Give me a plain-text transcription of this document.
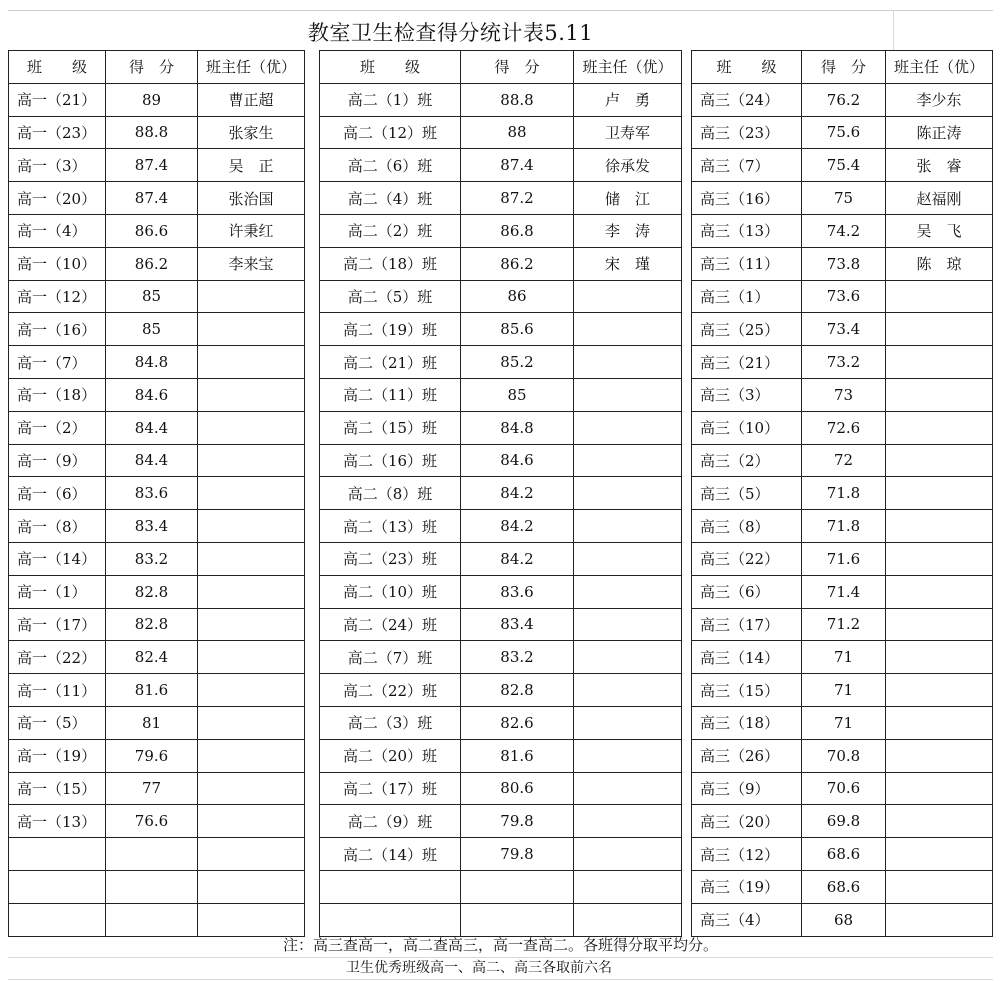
教室卫生检查得分统计表5.11
班　　级	得　分	班主任（优）
高一（21）	89	曹正超
高一（23）	88.8	张家生
高一（3）	87.4	吴　正
高一（20）	87.4	张治国
高一（4）	86.6	许秉红
高一（10）	86.2	李来宝
高一（12）	85	
高一（16）	85	
高一（7）	84.8	
高一（18）	84.6	
高一（2）	84.4	
高一（9）	84.4	
高一（6）	83.6	
高一（8）	83.4	
高一（14）	83.2	
高一（1）	82.8	
高一（17）	82.8	
高一（22）	82.4	
高一（11）	81.6	
高一（5）	81	
高一（19）	79.6	
高一（15）	77	
高一（13）	76.6	

班　　级	得　分	班主任（优）
高二（1）班	88.8	卢　勇
高二（12）班	88	卫寿军
高二（6）班	87.4	徐承发
高二（4）班	87.2	储　江
高二（2）班	86.8	李　涛
高二（18）班	86.2	宋　瑾
高二（5）班	86	
高二（19）班	85.6	
高二（21）班	85.2	
高二（11）班	85	
高二（15）班	84.8	
高二（16）班	84.6	
高二（8）班	84.2	
高二（13）班	84.2	
高二（23）班	84.2	
高二（10）班	83.6	
高二（24）班	83.4	
高二（7）班	83.2	
高二（22）班	82.8	
高二（3）班	82.6	
高二（20）班	81.6	
高二（17）班	80.6	
高二（9）班	79.8	
高二（14）班	79.8	

班　　级	得　分	班主任（优）
高三（24）	76.2	李少东
高三（23）	75.6	陈正涛
高三（7）	75.4	张　睿
高三（16）	75	赵福刚
高三（13）	74.2	吴　飞
高三（11）	73.8	陈　琼
高三（1）	73.6	
高三（25）	73.4	
高三（21）	73.2	
高三（3）	73	
高三（10）	72.6	
高三（2）	72	
高三（5）	71.8	
高三（8）	71.8	
高三（22）	71.6	
高三（6）	71.4	
高三（17）	71.2	
高三（14）	71	
高三（15）	71	
高三（18）	71	
高三（26）	70.8	
高三（9）	70.6	
高三（20）	69.8	
高三（12）	68.6	
高三（19）	68.6	
高三（4）	68	
注：高三查高一，高二查高三，高一查高二。各班得分取平均分。
卫生优秀班级高一、高二、高三各取前六名
